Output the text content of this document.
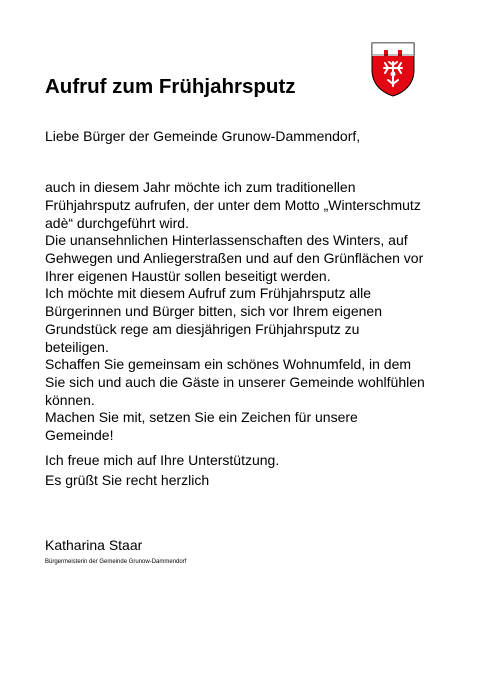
Aufruf zum Frühjahrsputz

Liebe Bürger der Gemeinde Grunow-Dammendorf,

auch in diesem Jahr möchte ich zum traditionellen Frühjahrsputz aufrufen, der unter dem Motto „Winterschmutz adè“ durchgeführt wird.

Die unansehnlichen Hinterlassenschaften des Winters, auf Gehwegen und Anliegerstraßen und auf den Grünflächen vor Ihrer eigenen Haustür sollen beseitigt werden.

Ich möchte mit diesem Aufruf zum Frühjahrsputz alle Bürgerinnen und Bürger bitten, sich vor Ihrem eigenen Grundstück rege am diesjährigen Frühjahrsputz zu beteiligen.

Schaffen Sie gemeinsam ein schönes Wohnumfeld, in dem Sie sich und auch die Gäste in unserer Gemeinde wohlfühlen können.

Machen Sie mit, setzen Sie ein Zeichen für unsere Gemeinde!

Ich freue mich auf Ihre Unterstützung.

Es grüßt Sie recht herzlich

Katharina Staar

Bürgermeisterin der Gemeinde Grunow-Dammendorf
